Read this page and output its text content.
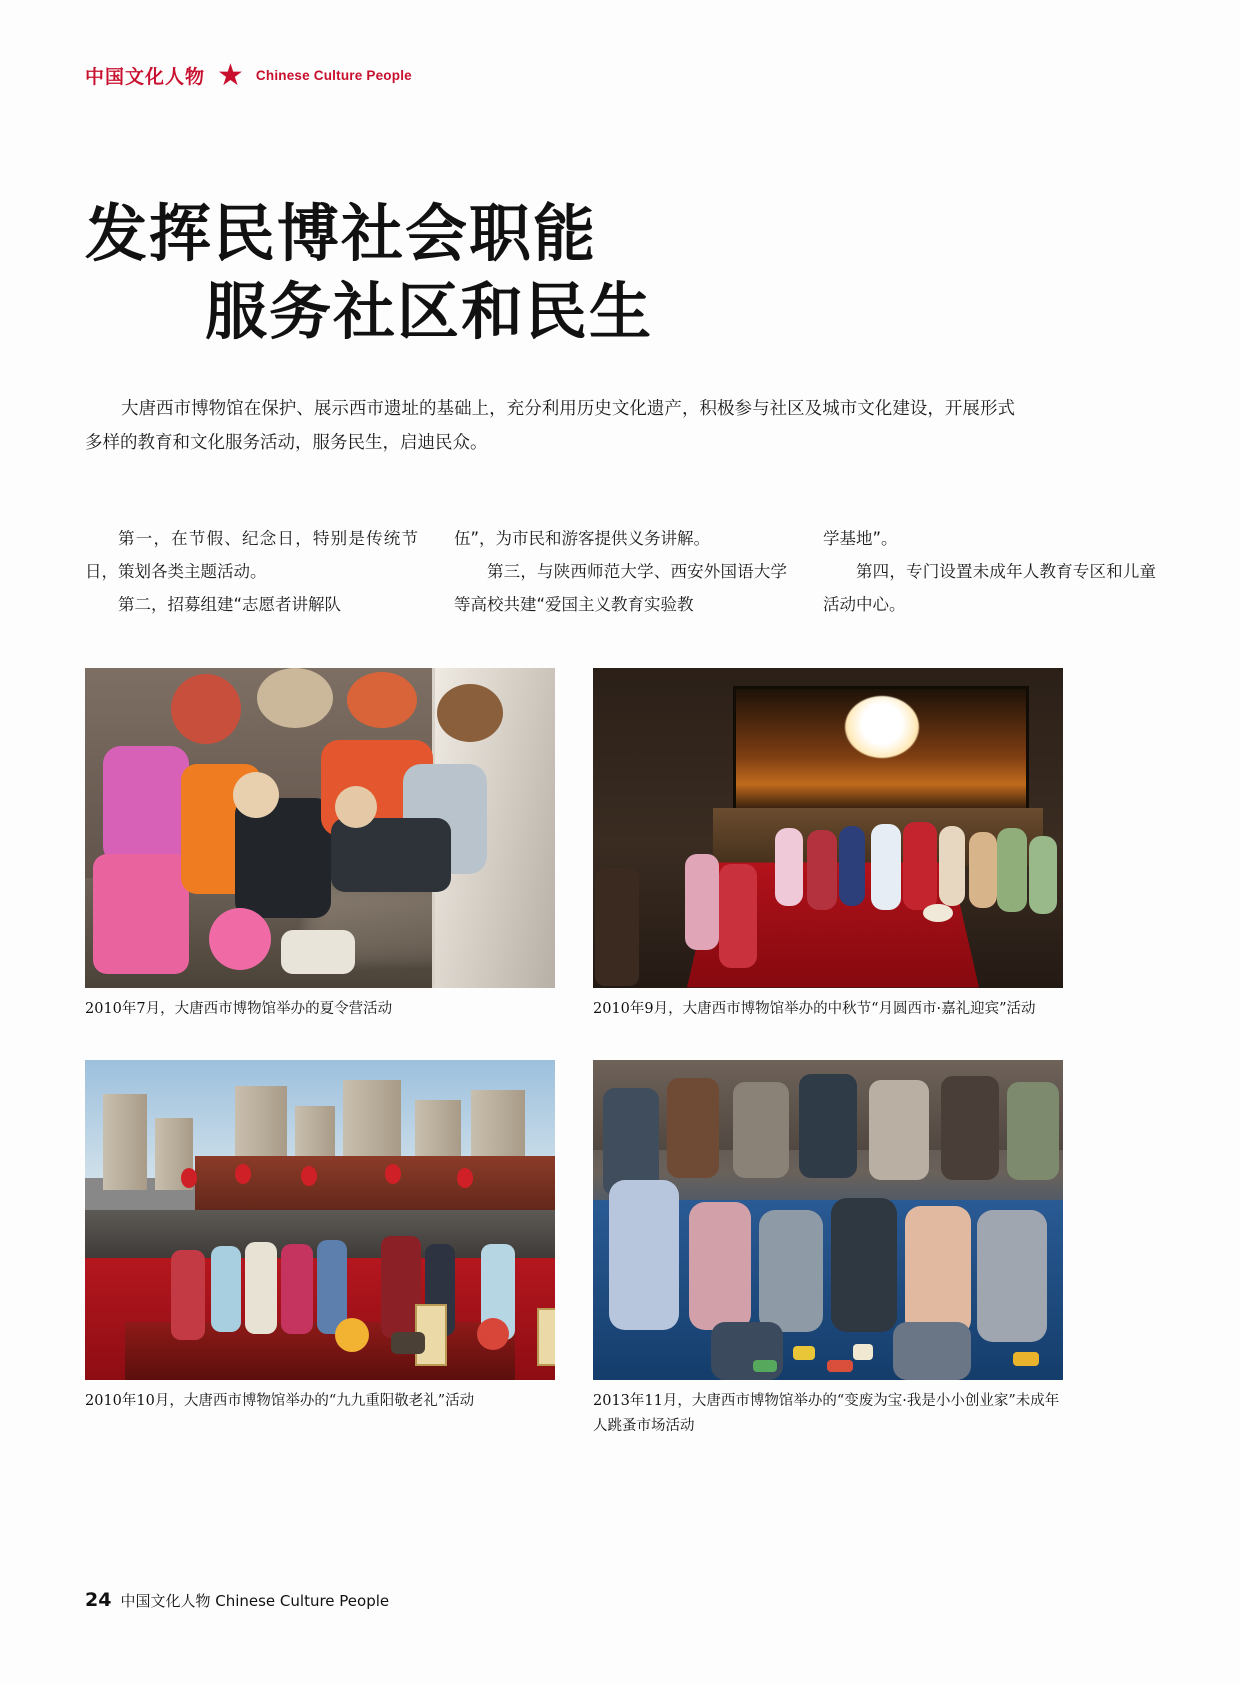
中国文化人物 ★ Chinese Culture People
发挥民博社会职能
服务社区和民生
大唐西市博物馆在保护、展示西市遗址的基础上，充分利用历史文化遗产，积极参与社区及城市文化建设，开展形式多样的教育和文化服务活动，服务民生，启迪民众。

第一，在节假、纪念日，特别是传统节日，策划各类主题活动。

第二，招募组建“志愿者讲解队

伍”，为市民和游客提供义务讲解。

第三，与陕西师范大学、西安外国语大学等高校共建“爱国主义教育实验教

学基地”。

第四，专门设置未成年人教育专区和儿童活动中心。

2010年7月，大唐西市博物馆举办的夏令营活动	2010年9月，大唐西市博物馆举办的中秋节“月圆西市·嘉礼迎宾”活动
2010年10月，大唐西市博物馆举办的“九九重阳敬老礼”活动	2013年11月，大唐西市博物馆举办的“变废为宝·我是小小创业家”未成年人跳蚤市场活动
24 中国文化人物 Chinese Culture People
